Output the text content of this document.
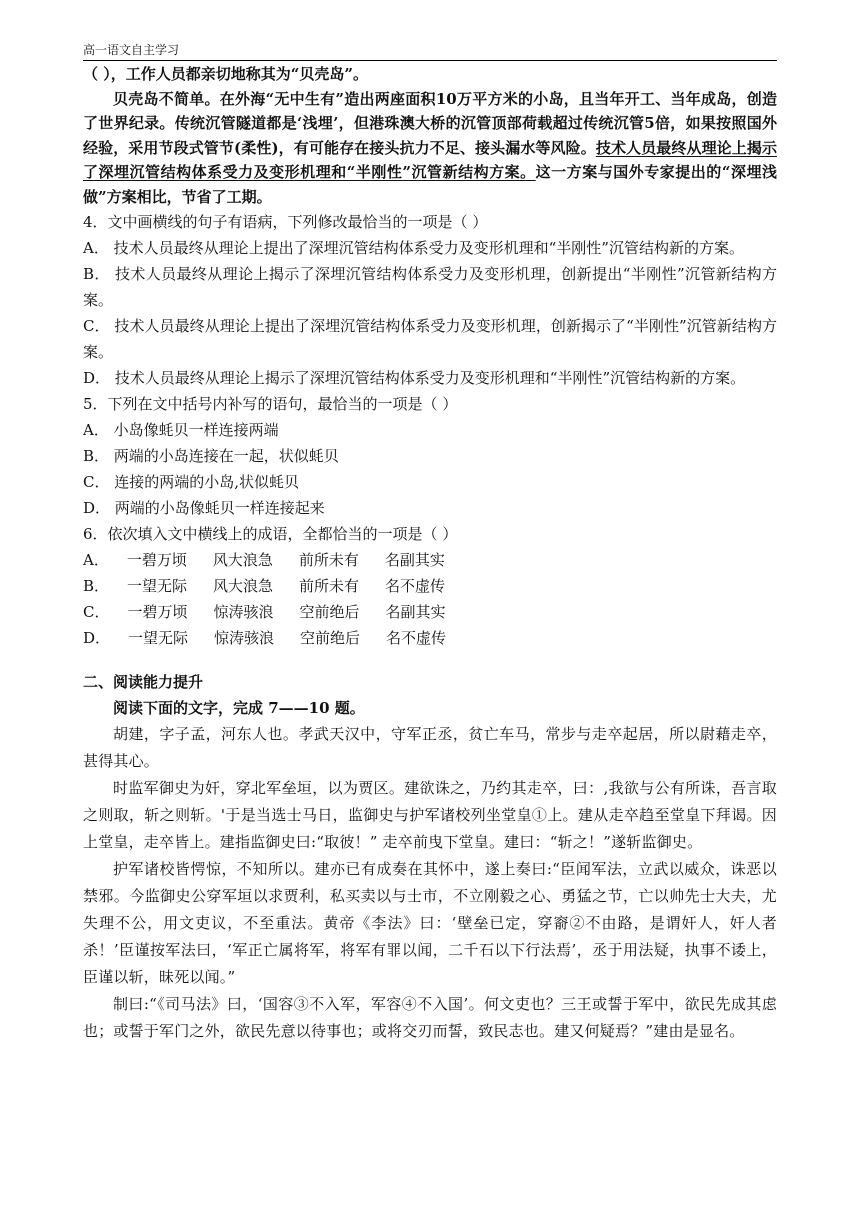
高一语文自主学习

（ ），工作人员都亲切地称其为“贝壳岛”。

贝壳岛不简单。在外海“无中生有”造出两座面积10万平方米的小岛，且当年开工、当年成岛，创造了世界纪录。传统沉管隧道都是‘浅埋’，但港珠澳大桥的沉管顶部荷载超过传统沉管5倍，如果按照国外经验，采用节段式管节(柔性)，有可能存在接头抗力不足、接头漏水等风险。技术人员最终从理论上揭示了深埋沉管结构体系受力及变形机理和“半刚性”沉管新结构方案。这一方案与国外专家提出的“深埋浅做”方案相比，节省了工期。

4．文中画横线的句子有语病，下列修改最恰当的一项是（ ）

A． 技术人员最终从理论上提出了深埋沉管结构体系受力及变形机理和“半刚性”沉管结构新的方案。

B． 技术人员最终从理论上揭示了深埋沉管结构体系受力及变形机理，创新提出“半刚性”沉管新结构方案。

C． 技术人员最终从理论上提出了深埋沉管结构体系受力及变形机理，创新揭示了“半刚性”沉管新结构方案。

D． 技术人员最终从理论上揭示了深埋沉管结构体系受力及变形机理和“半刚性”沉管结构新的方案。

5．下列在文中括号内补写的语句，最恰当的一项是（ ）

A． 小岛像蚝贝一样连接两端

B． 两端的小岛连接在一起，状似蚝贝

C． 连接的两端的小岛,状似蚝贝

D． 两端的小岛像蚝贝一样连接起来

6．依次填入文中横线上的成语，全都恰当的一项是（ ）

A． 一碧万顷 风大浪急 前所未有 名副其实

B． 一望无际 风大浪急 前所未有 名不虚传

C． 一碧万顷 惊涛骇浪 空前绝后 名副其实

D． 一望无际 惊涛骇浪 空前绝后 名不虚传

二、阅读能力提升

阅读下面的文字，完成 7——10 题。

胡建，字子孟，河东人也。孝武天汉中，守军正丞，贫亡车马，常步与走卒起居，所以尉藉走卒，甚得其心。

时监军御史为奸，穿北军垒垣，以为贾区。建欲诛之，乃约其走卒，曰：,我欲与公有所诛，吾言取之则取，斩之则斩。'于是当选士马日，监御史与护军诸校列坐堂皇①上。建从走卒趋至堂皇下拜谒。因上堂皇，走卒皆上。建指监御史曰:“取彼！” 走卒前曳下堂皇。建曰：“斩之！”遂斩监御史。

护军诸校皆愕惊，不知所以。建亦已有成奏在其怀中，遂上奏曰:“臣闻军法，立武以威众，诛恶以禁邪。今监御史公穿军垣以求贾利，私买卖以与士市，不立刚毅之心、勇猛之节，亡以帅先士大夫，尤失理不公，用文吏议，不至重法。黄帝《李法》曰：‘壁垒已定，穿窬②不由路，是谓奸人，奸人者杀！’臣谨按军法曰，‘军正亡属将军，将军有罪以闻，二千石以下行法焉’，丞于用法疑，执事不诿上，臣谨以斩，昧死以闻。”

制曰:“《司马法》曰，‘国容③不入军，军容④不入国’。何文吏也？三王或誓于军中，欲民先成其虑也；或誓于军门之外，欲民先意以待事也；或将交刃而誓，致民志也。建又何疑焉？”建由是显名。
